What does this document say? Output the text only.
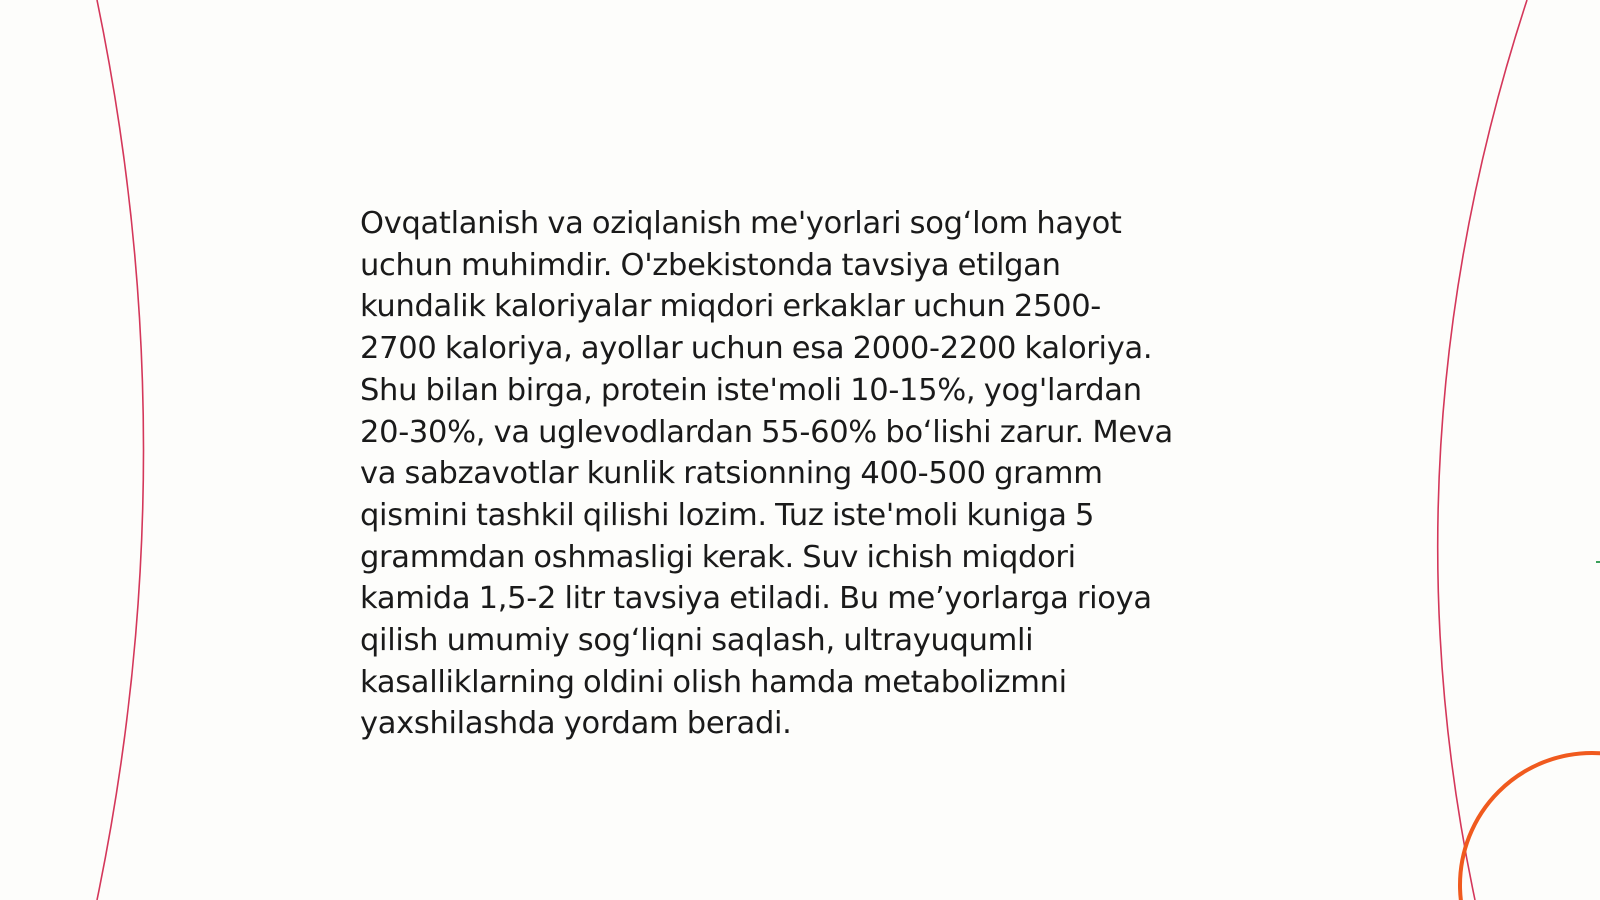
Ovqatlanish va oziqlanish me'yorlari sog‘lom hayot
uchun muhimdir. O'zbekistonda tavsiya etilgan
kundalik kaloriyalar miqdori erkaklar uchun 2500-
2700 kaloriya, ayollar uchun esa 2000-2200 kaloriya.
Shu bilan birga, protein iste'moli 10-15%, yog'lardan
20-30%, va uglevodlardan 55-60% bo‘lishi zarur. Meva
va sabzavotlar kunlik ratsionning 400-500 gramm
qismini tashkil qilishi lozim. Tuz iste'moli kuniga 5
grammdan oshmasligi kerak. Suv ichish miqdori
kamida 1,5-2 litr tavsiya etiladi. Bu me’yorlarga rioya
qilish umumiy sog‘liqni saqlash, ultrayuqumli
kasalliklarning oldini olish hamda metabolizmni
yaxshilashda yordam beradi.
